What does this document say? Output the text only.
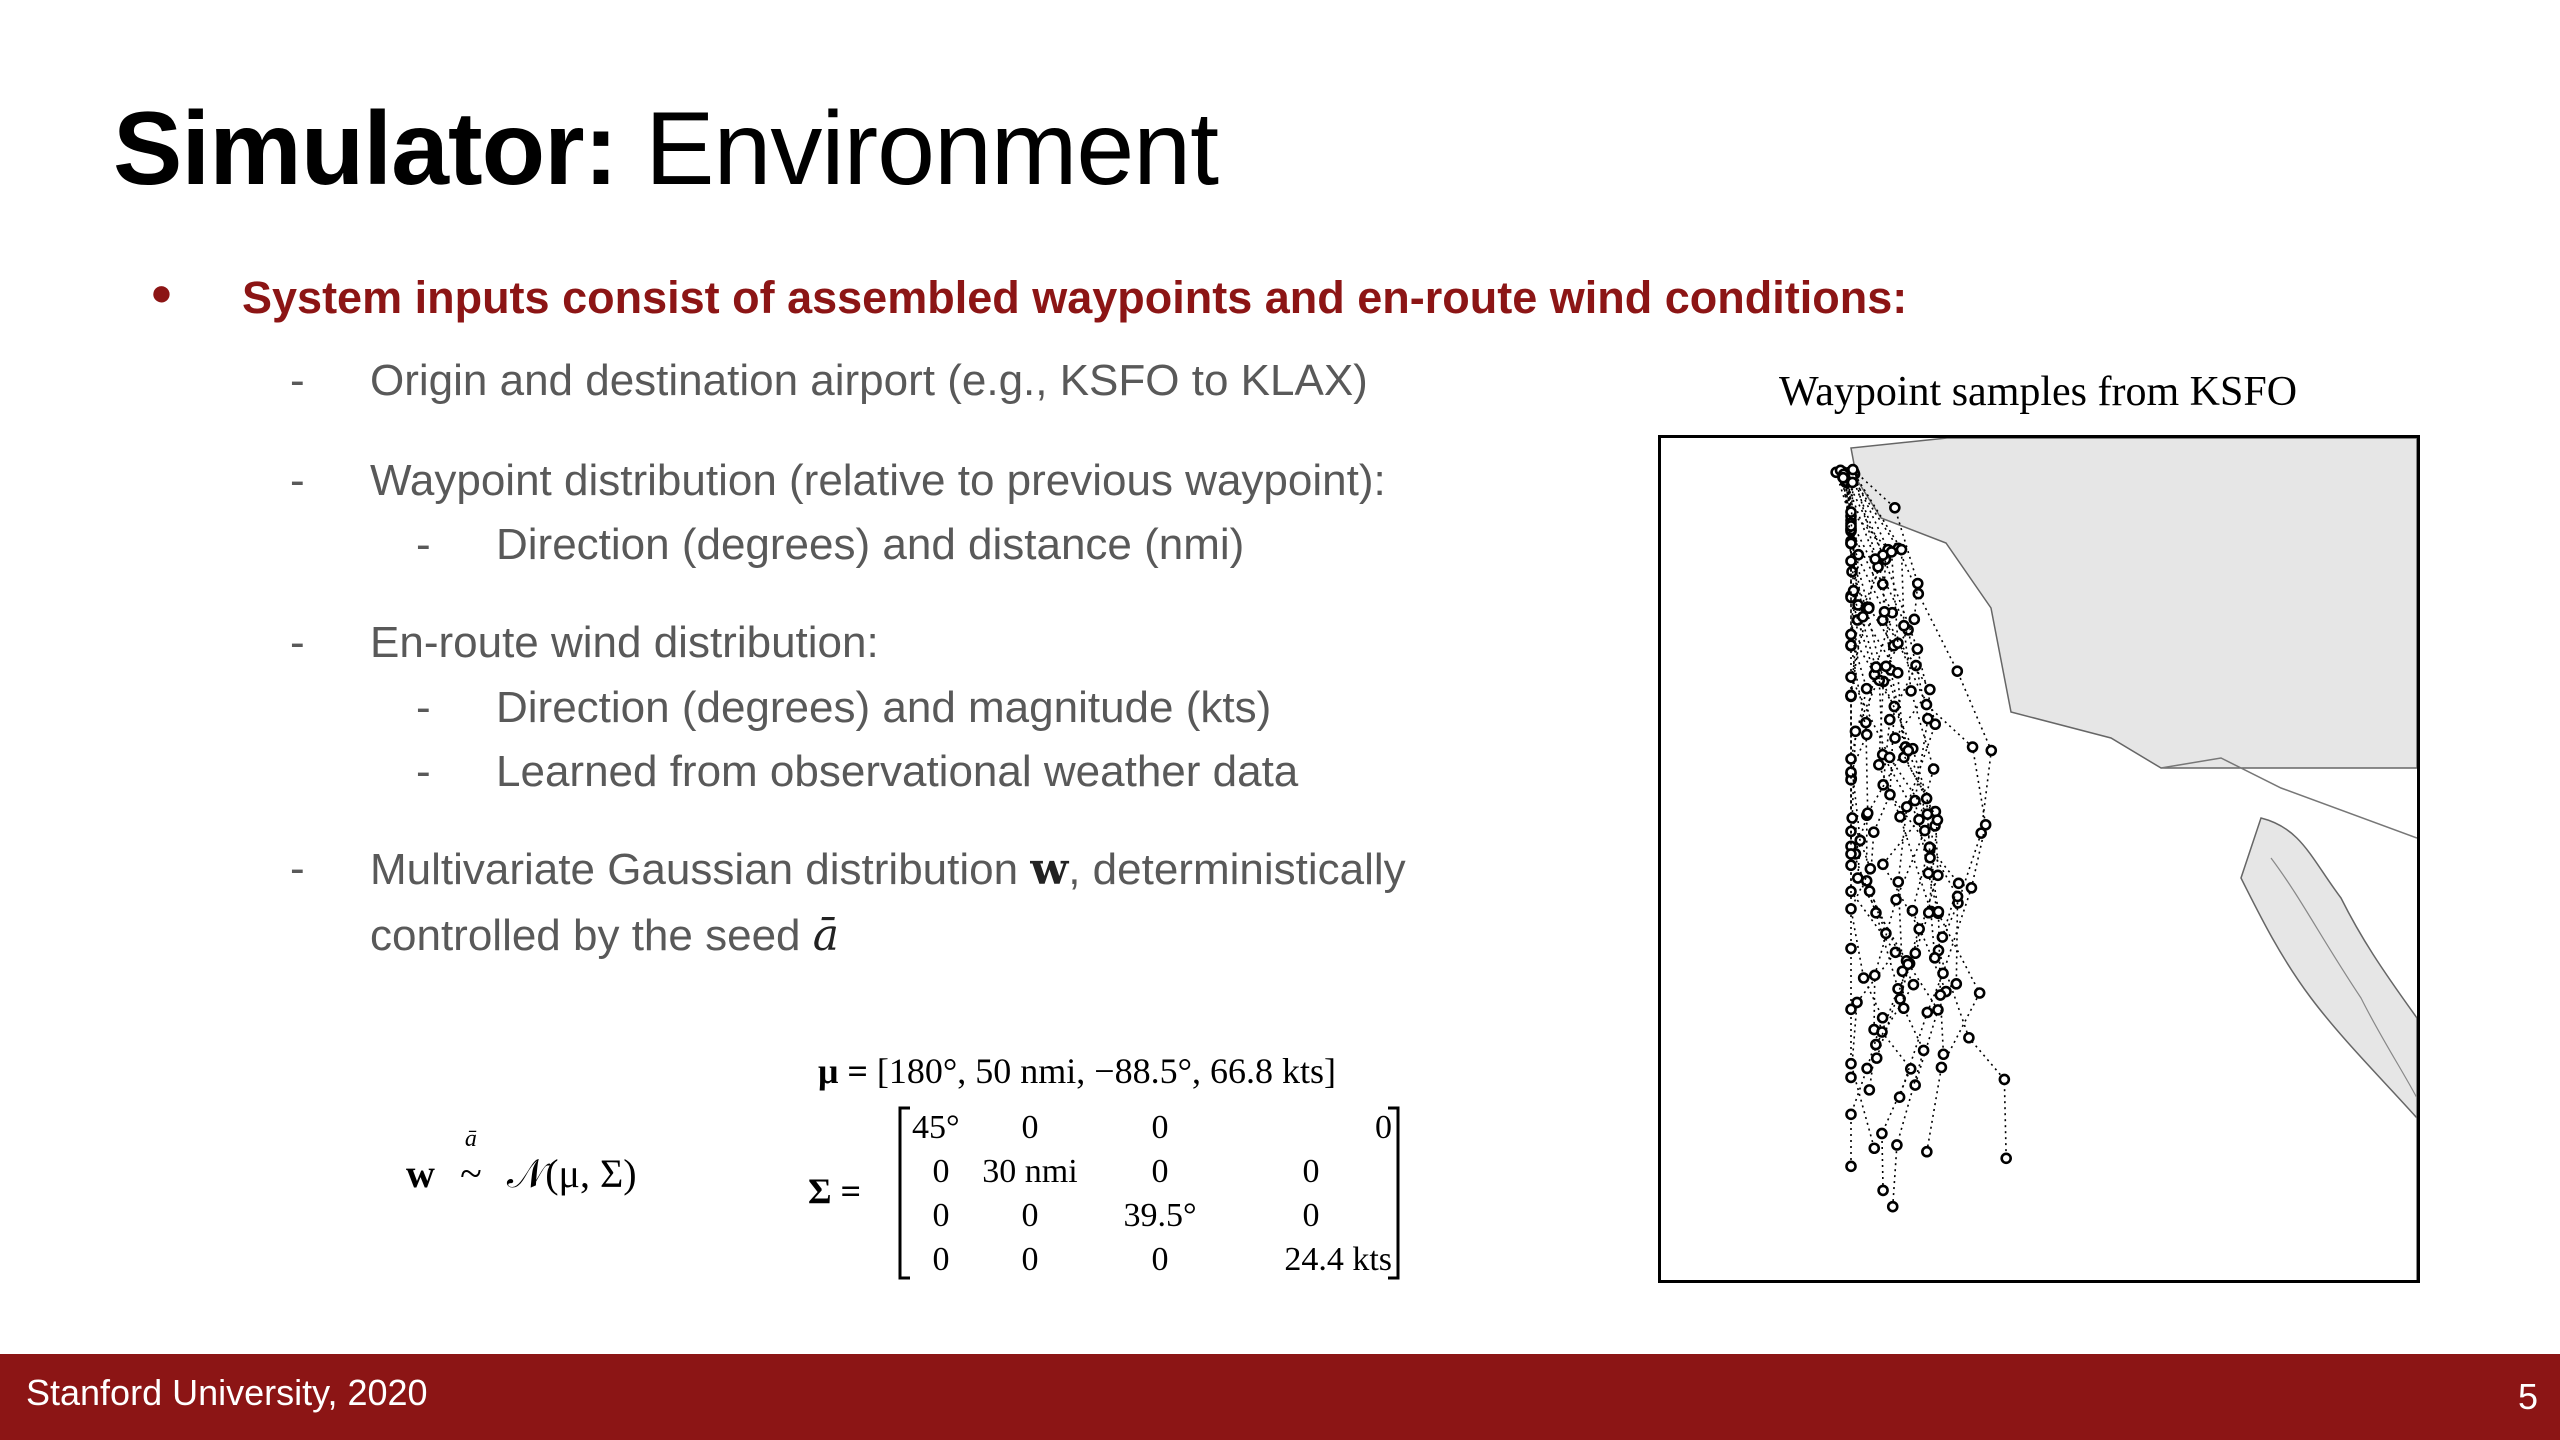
Simulator: Environment
● System inputs consist of assembled waypoints and en-route wind conditions:
- Origin and destination airport (e.g., KSFO to KLAX)
- Waypoint distribution (relative to previous waypoint):
- Direction (degrees) and distance (nmi)
- En-route wind distribution:
- Direction (degrees) and magnitude (kts)
- Learned from observational weather data
- Multivariate Gaussian distribution w, deterministically
controlled by the seed ā
w
ā
~ 𝒩(μ, Σ)
μ = [180°, 50 nmi, −88.5°, 66.8 kts]
Σ =
45°	0	0	0
0 30 nmi	0	0
0	0	39.5°	0
0	0	0	24.4 kts
Waypoint samples from KSFO
Stanford University, 2020	5
